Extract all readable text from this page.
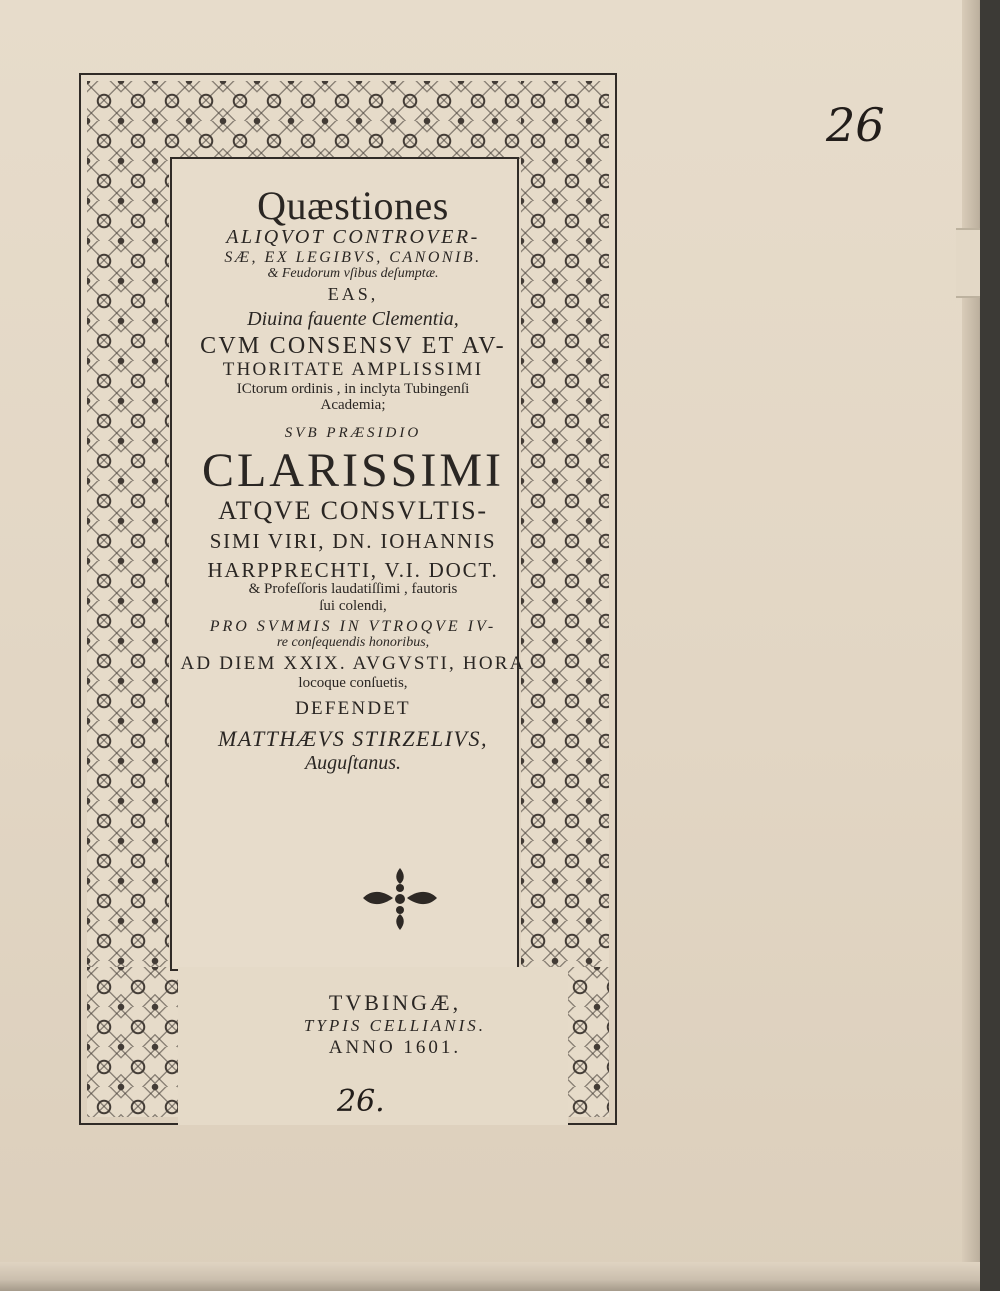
Quæstiones
ALIQVOT CONTROVER-
SÆ, EX LEGIBVS, CANONIB.
& Feudorum vſibus deſumptæ.
EAS,
Diuina fauente Clementia,
CVM CONSENSV ET AV-
THORITATE AMPLISSIMI
ICtorum ordinis , in inclyta Tubingenſi
Academia;
SVB PRÆSIDIO
CLARISSIMI
ATQVE CONSVLTIS-
SIMI VIRI, DN. IOHANNIS
HARPPRECHTI, V.I. DOCT.
& Profeſſoris laudatiſſimi , fautoris
ſui colendi,
PRO SVMMIS IN VTROQVE IV-
re conſequendis honoribus,
AD DIEM XXIX. AVGVSTI, HORA
locoque conſuetis,
DEFENDET
MATTHÆVS STIRZELIVS,
Auguſtanus.
TVBINGÆ,
TYPIS CELLIANIS.
ANNO 1601.
26
26.
